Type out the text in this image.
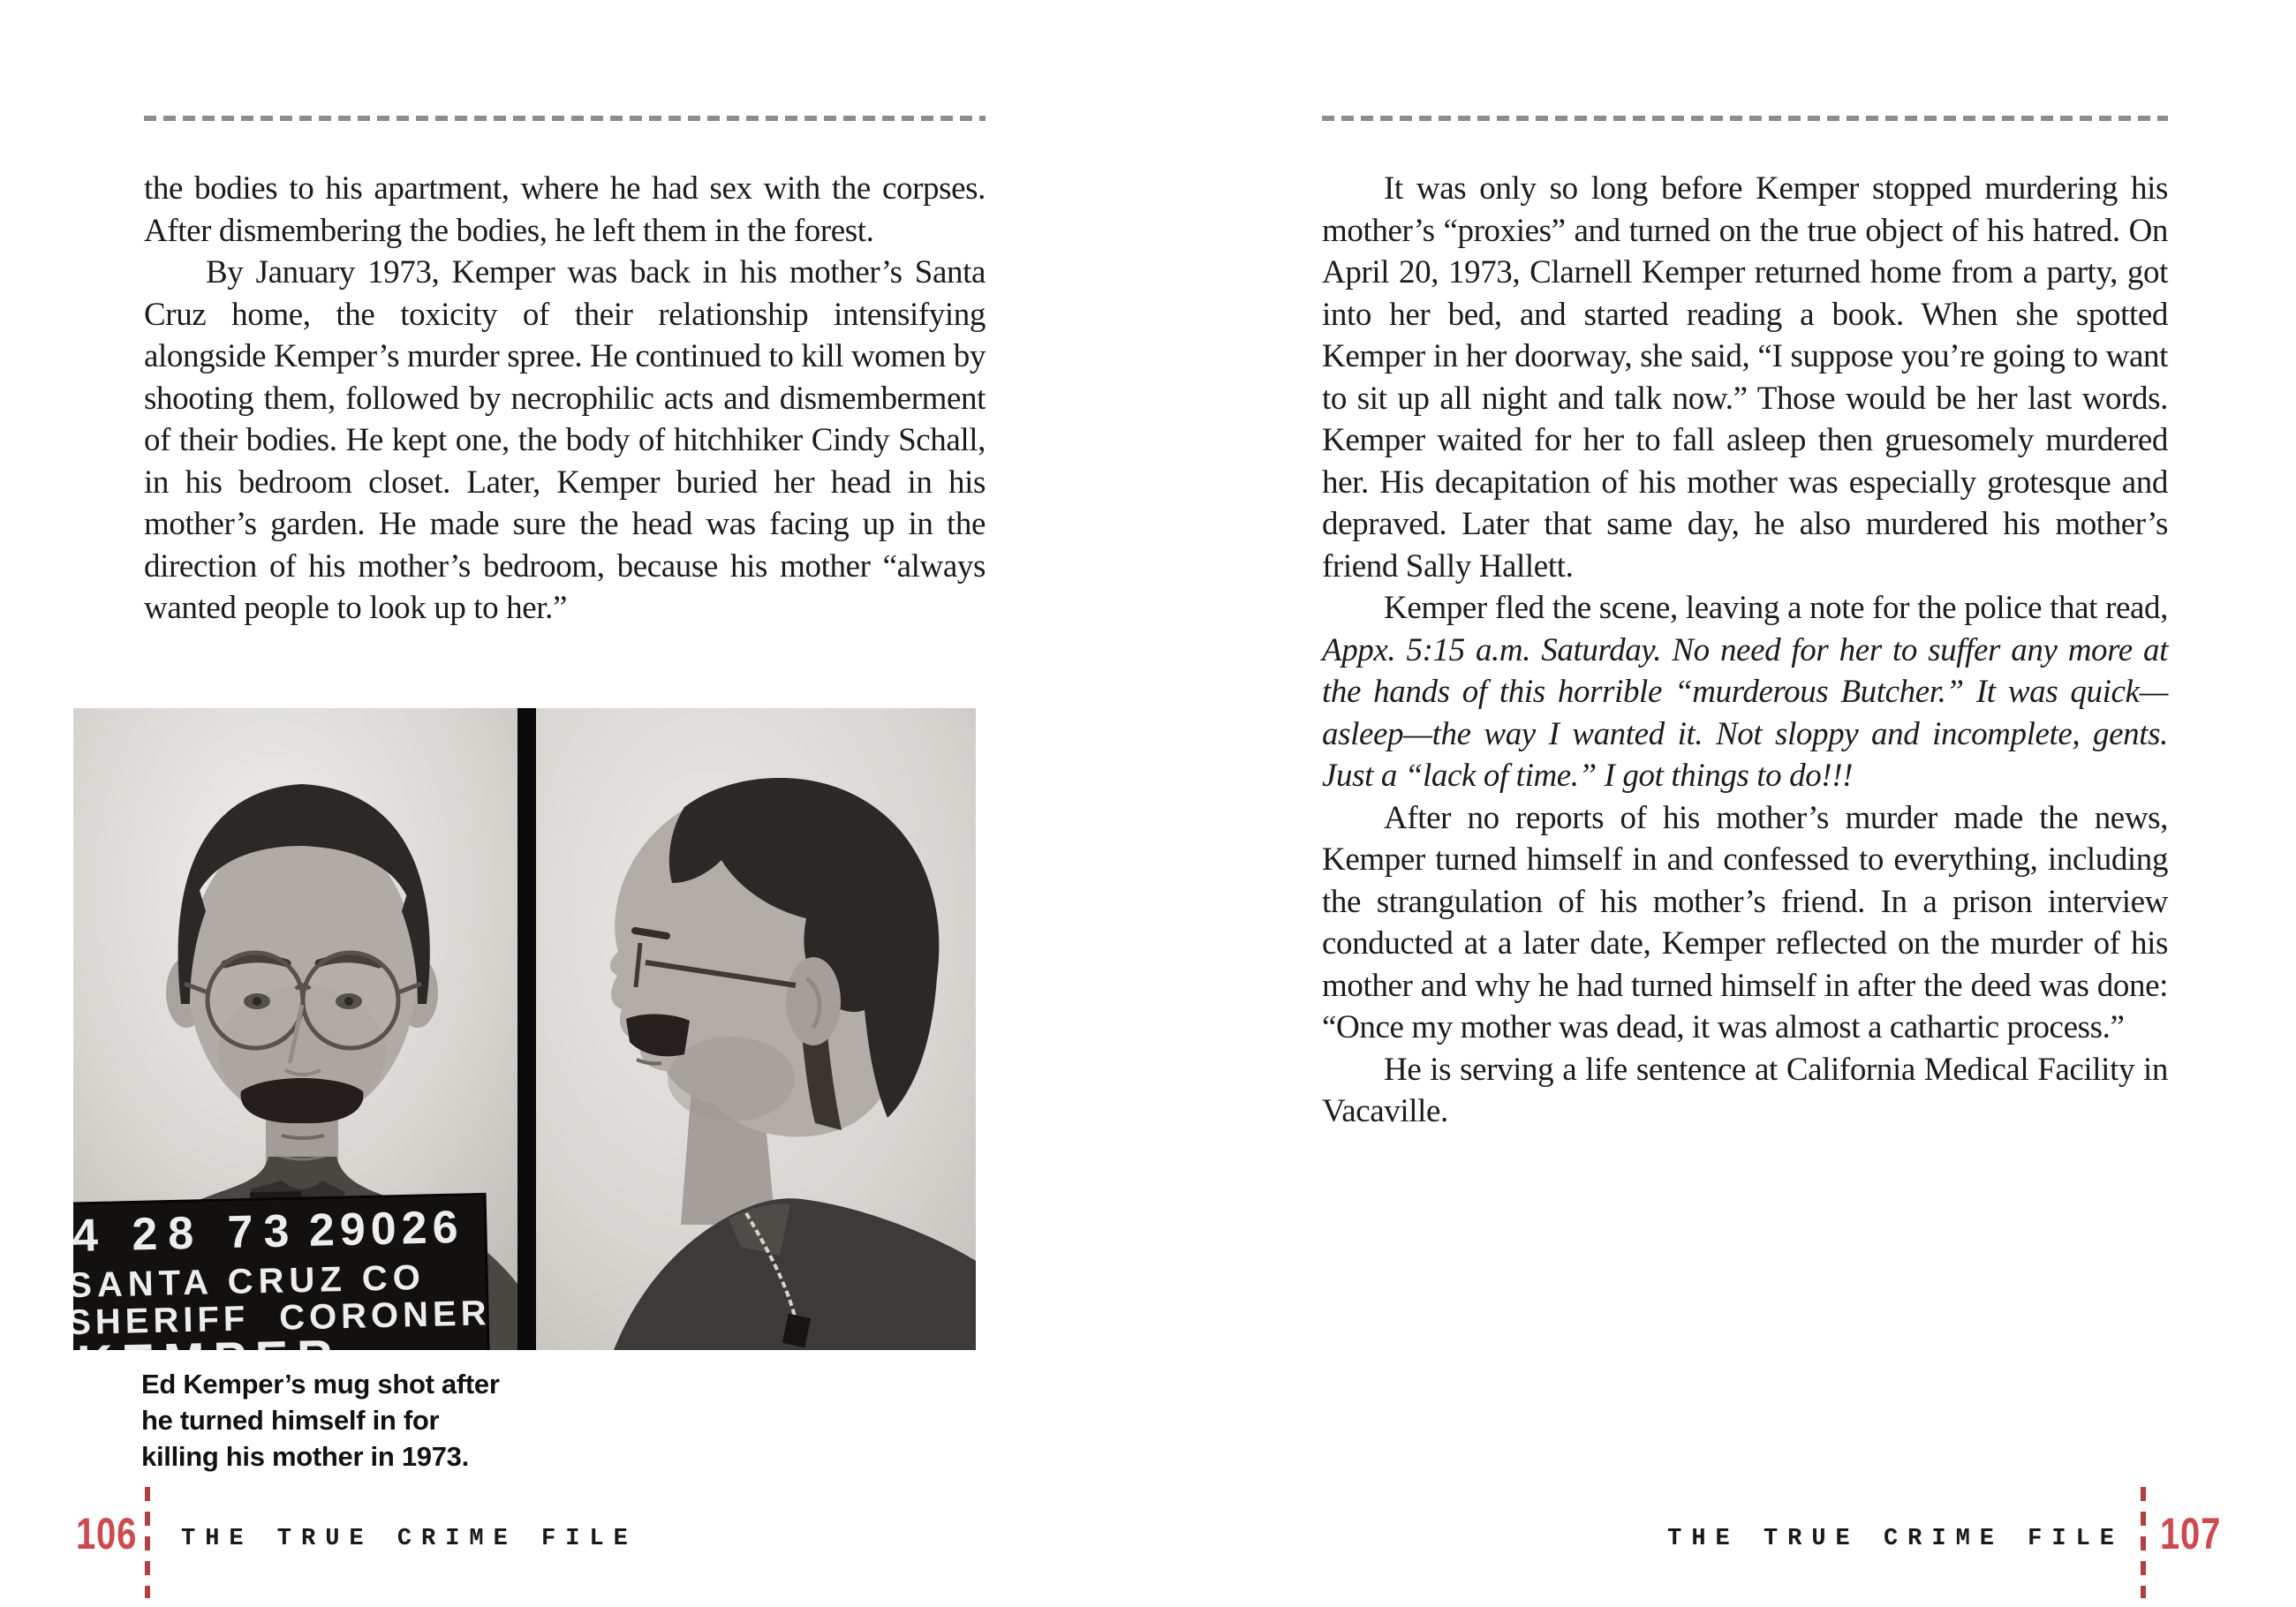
the bodies to his apartment, where he had sex with the corpses. After dismembering the bodies, he left them in the forest.

By January 1973, Kemper was back in his mother’s Santa Cruz home, the toxicity of their relationship intensifying alongside Kemper’s murder spree. He continued to kill women by shooting them, followed by necrophilic acts and dismemberment of their bodies. He kept one, the body of hitchhiker Cindy Schall, in his bedroom closet. Later, Kemper buried her head in his mother’s garden. He made sure the head was facing up in the direction of his mother’s bedroom, because his mother “always wanted people to look up to her.”

4 28 73 29026
SANTA CRUZ CO
SHERIFF CORONER
Ed Kemper’s mug shot after
he turned himself in for
killing his mother in 1973.
106 THE TRUE CRIME FILE

It was only so long before Kemper stopped murdering his mother’s “proxies” and turned on the true object of his hatred. On April 20, 1973, Clarnell Kemper returned home from a party, got into her bed, and started reading a book. When she spotted Kemper in her doorway, she said, “I suppose you’re going to want to sit up all night and talk now.” Those would be her last words. Kemper waited for her to fall asleep then gruesomely murdered her. His decapitation of his mother was especially grotesque and depraved. Later that same day, he also murdered his mother’s friend Sally Hallett.

Kemper fled the scene, leaving a note for the police that read, Appx. 5:15 a.m. Saturday. No need for her to suffer any more at the hands of this horrible “murderous Butcher.” It was quick—asleep—the way I wanted it. Not sloppy and incomplete, gents. Just a “lack of time.” I got things to do!!!

After no reports of his mother’s murder made the news, Kemper turned himself in and confessed to everything, including the strangulation of his mother’s friend. In a prison interview conducted at a later date, Kemper reflected on the murder of his mother and why he had turned himself in after the deed was done: “Once my mother was dead, it was almost a cathartic process.”

He is serving a life sentence at California Medical Facility in Vacaville.

THE TRUE CRIME FILE 107
